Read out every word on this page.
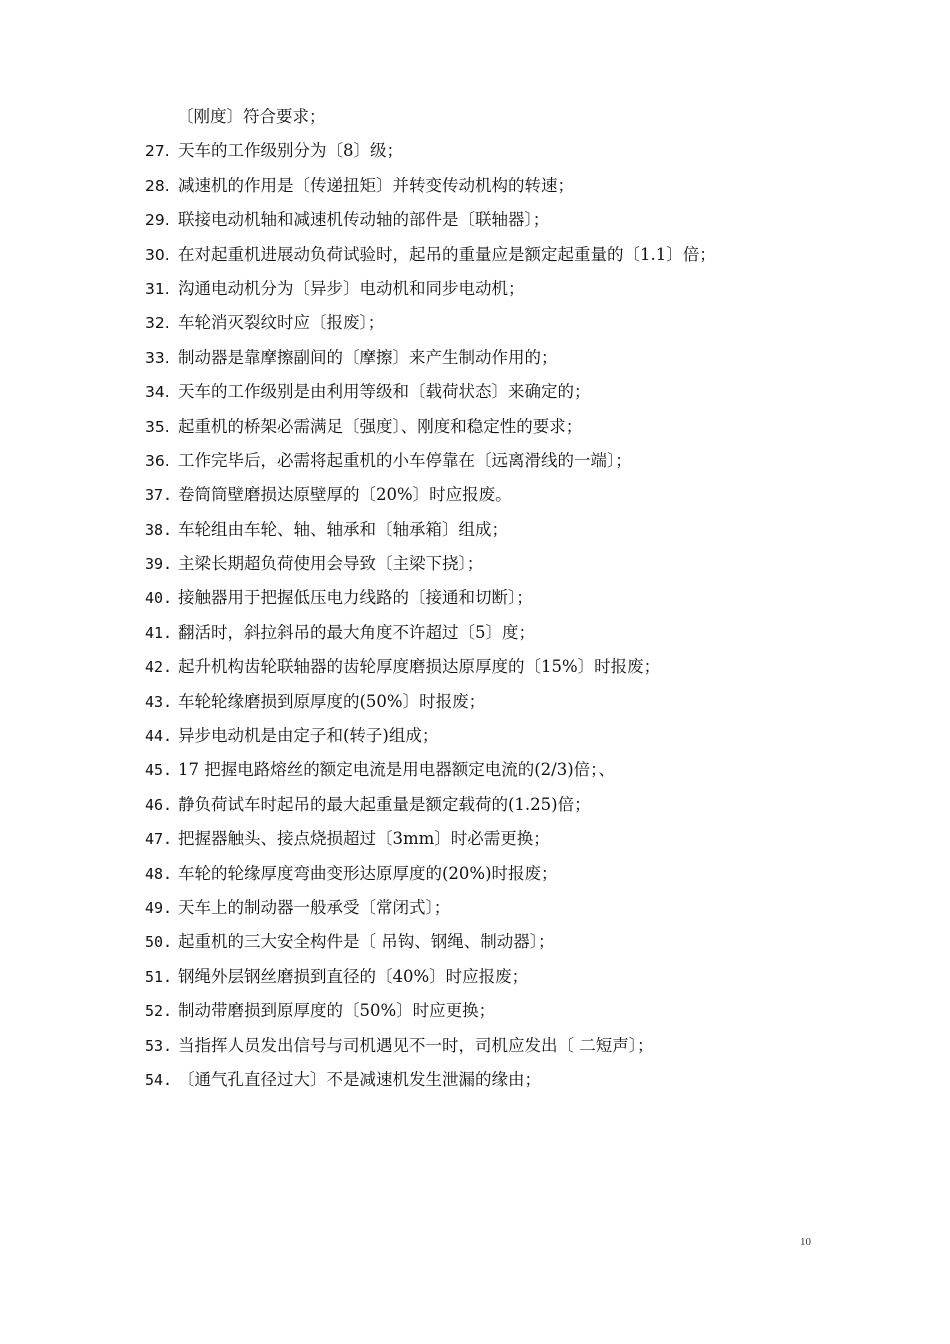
〔刚度〕符合要求；
27. 天车的工作级别分为〔8〕级；
28. 减速机的作用是〔传递扭矩〕并转变传动机构的转速；
29. 联接电动机轴和减速机传动轴的部件是〔联轴器〕；
30. 在对起重机进展动负荷试验时，起吊的重量应是额定起重量的〔1.1〕倍；
31. 沟通电动机分为〔异步〕电动机和同步电动机；
32. 车轮消灭裂纹时应〔报废〕；
33. 制动器是靠摩擦副间的〔摩擦〕来产生制动作用的；
34. 天车的工作级别是由利用等级和〔载荷状态〕来确定的；
35. 起重机的桥架必需满足〔强度〕、刚度和稳定性的要求；
36. 工作完毕后，必需将起重机的小车停靠在〔远离滑线的一端〕；
37. 卷筒筒壁磨损达原壁厚的〔20%〕时应报废。
38. 车轮组由车轮、轴、轴承和〔轴承箱〕组成；
39. 主梁长期超负荷使用会导致〔主梁下挠〕；
40. 接触器用于把握低压电力线路的〔接通和切断〕；
41. 翻活时，斜拉斜吊的最大角度不许超过〔5〕度；
42. 起升机构齿轮联轴器的齿轮厚度磨损达原厚度的〔15%〕时报废；
43. 车轮轮缘磨损到原厚度的(50%〕时报废；
44. 异步电动机是由定子和(转子)组成；
45. 17 把握电路熔丝的额定电流是用电器额定电流的(2/3)倍；、
46. 静负荷试车时起吊的最大起重量是额定载荷的(1.25)倍；
47. 把握器触头、接点烧损超过〔3mm〕时必需更换；
48. 车轮的轮缘厚度弯曲变形达原厚度的(20%)时报废；
49. 天车上的制动器一般承受〔常闭式〕；
50. 起重机的三大安全构件是〔 吊钩、钢绳、制动器〕；
51. 钢绳外层钢丝磨损到直径的〔40%〕时应报废；
52. 制动带磨损到原厚度的〔50%〕时应更换；
53. 当指挥人员发出信号与司机遇见不一时，司机应发出〔 二短声〕；
54. 〔通气孔直径过大〕不是减速机发生泄漏的缘由；
10
